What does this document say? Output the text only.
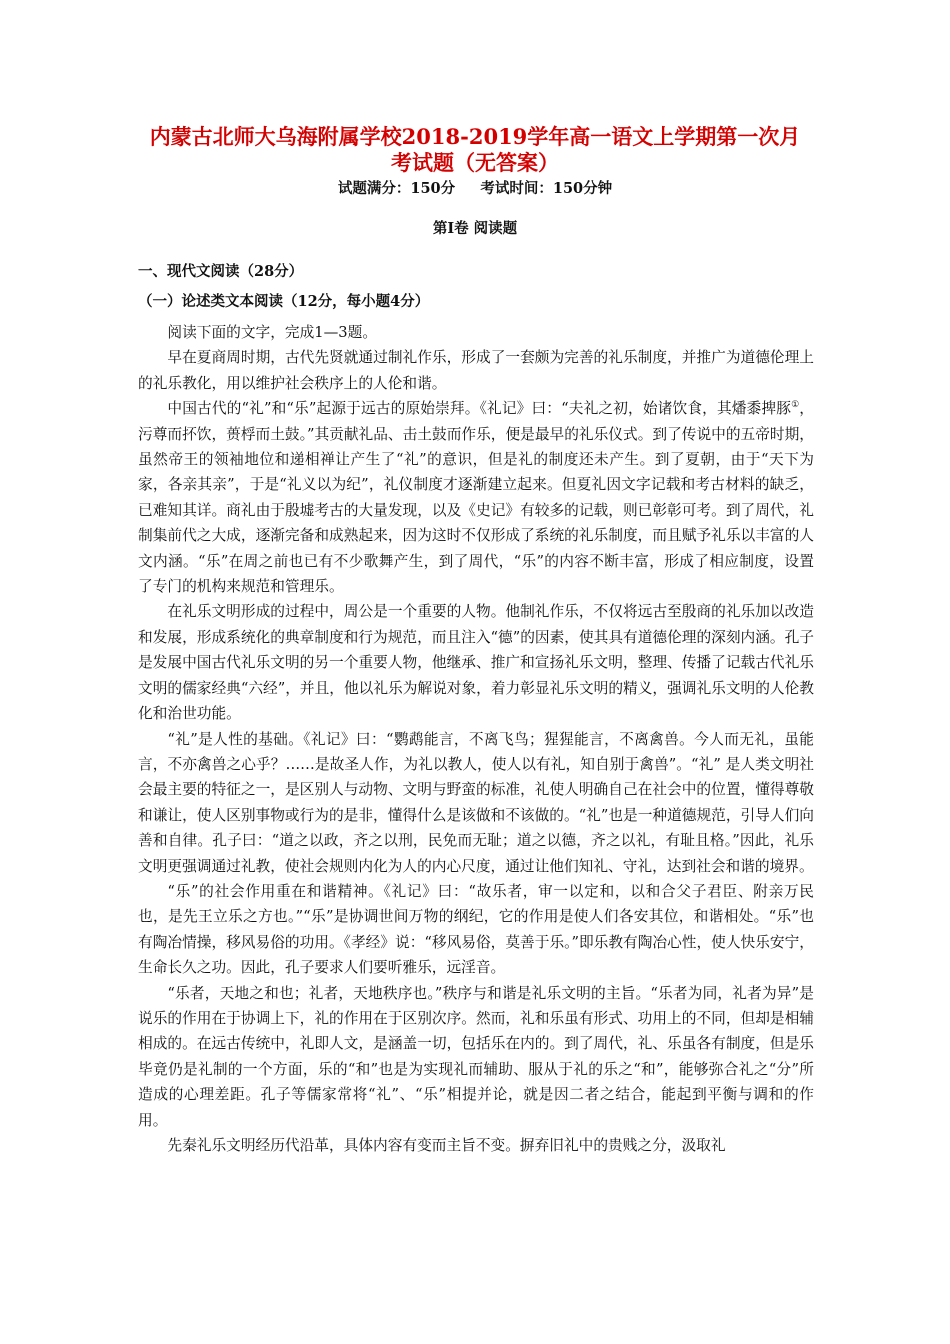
内蒙古北师大乌海附属学校2018-2019学年高一语文上学期第一次月
考试题（无答案）
试题满分：150分     考试时间：150分钟
第I卷 阅读题
一、现代文阅读（28分）
（一）论述类文本阅读（12分，每小题4分）

阅读下面的文字，完成1—3题。

早在夏商周时期，古代先贤就通过制礼作乐，形成了一套颇为完善的礼乐制度，并推广为道德伦理上的礼乐教化，用以维护社会秩序上的人伦和谐。

中国古代的“礼”和“乐”起源于远古的原始崇拜。《礼记》曰：“夫礼之初，始诸饮食，其燔黍捭豚①，污尊而抔饮，蒉桴而土鼓。”其贡献礼品、击土鼓而作乐，便是最早的礼乐仪式。到了传说中的五帝时期，虽然帝王的领袖地位和递相禅让产生了“礼”的意识，但是礼的制度还未产生。到了夏朝，由于“天下为家，各亲其亲”，于是“礼义以为纪”，礼仪制度才逐渐建立起来。但夏礼因文字记载和考古材料的缺乏，已难知其详。商礼由于殷墟考古的大量发现，以及《史记》有较多的记载，则已彰彰可考。到了周代，礼制集前代之大成，逐渐完备和成熟起来，因为这时不仅形成了系统的礼乐制度，而且赋予礼乐以丰富的人文内涵。“乐”在周之前也已有不少歌舞产生，到了周代，“乐”的内容不断丰富，形成了相应制度，设置了专门的机构来规范和管理乐。

在礼乐文明形成的过程中，周公是一个重要的人物。他制礼作乐，不仅将远古至殷商的礼乐加以改造和发展，形成系统化的典章制度和行为规范，而且注入“德”的因素，使其具有道德伦理的深刻内涵。孔子是发展中国古代礼乐文明的另一个重要人物，他继承、推广和宣扬礼乐文明，整理、传播了记载古代礼乐文明的儒家经典“六经”，并且，他以礼乐为解说对象，着力彰显礼乐文明的精义，强调礼乐文明的人伦教化和治世功能。

“礼”是人性的基础。《礼记》曰：“鹦鹉能言，不离飞鸟；猩猩能言，不离禽兽。今人而无礼，虽能言，不亦禽兽之心乎？……是故圣人作，为礼以教人，使人以有礼，知自别于禽兽”。“礼” 是人类文明社会最主要的特征之一，是区别人与动物、文明与野蛮的标准，礼使人明确自己在社会中的位置，懂得尊敬和谦让，使人区别事物或行为的是非，懂得什么是该做和不该做的。“礼”也是一种道德规范，引导人们向善和自律。孔子曰：“道之以政，齐之以刑，民免而无耻；道之以德，齐之以礼，有耻且格。”因此，礼乐文明更强调通过礼教，使社会规则内化为人的内心尺度，通过让他们知礼、守礼，达到社会和谐的境界。

“乐”的社会作用重在和谐精神。《礼记》曰：“故乐者，审一以定和，以和合父子君臣、附亲万民也，是先王立乐之方也。”“乐”是协调世间万物的纲纪，它的作用是使人们各安其位，和谐相处。“乐”也有陶冶情操，移风易俗的功用。《孝经》说：“移风易俗，莫善于乐。”即乐教有陶冶心性，使人快乐安宁，生命长久之功。因此，孔子要求人们要听雅乐，远淫音。

“乐者，天地之和也；礼者，天地秩序也。”秩序与和谐是礼乐文明的主旨。“乐者为同，礼者为异”是说乐的作用在于协调上下，礼的作用在于区别次序。然而，礼和乐虽有形式、功用上的不同，但却是相辅相成的。在远古传统中，礼即人文，是涵盖一切，包括乐在内的。到了周代，礼、乐虽各有制度，但是乐毕竟仍是礼制的一个方面，乐的“和”也是为实现礼而辅助、服从于礼的乐之“和”，能够弥合礼之“分”所造成的心理差距。孔子等儒家常将“礼”、“乐”相提并论，就是因二者之结合，能起到平衡与调和的作用。

先秦礼乐文明经历代沿革，具体内容有变而主旨不变。摒弃旧礼中的贵贱之分，汲取礼
